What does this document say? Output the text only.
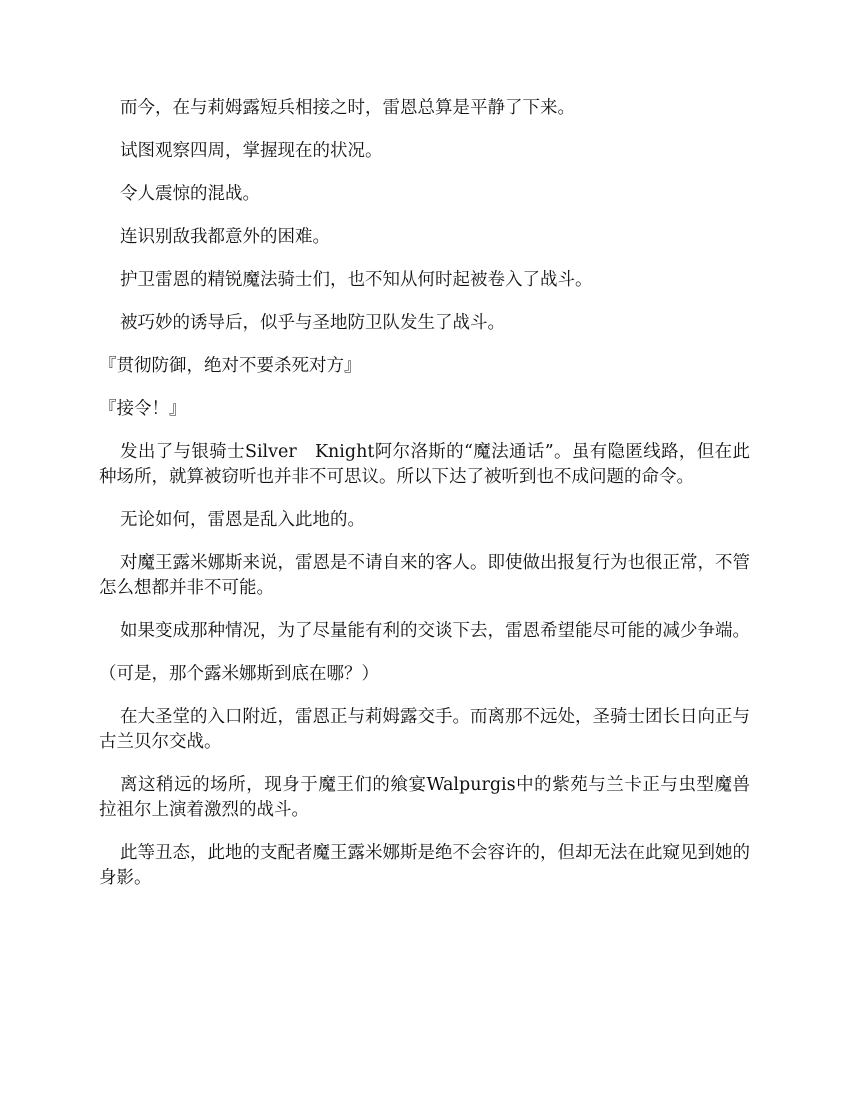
而今，在与莉姆露短兵相接之时，雷恩总算是平静了下来。

试图观察四周，掌握现在的状况。

令人震惊的混战。

连识别敌我都意外的困难。

护卫雷恩的精锐魔法骑士们，也不知从何时起被卷入了战斗。

被巧妙的诱导后，似乎与圣地防卫队发生了战斗。

『贯彻防御，绝对不要杀死对方』

『接令！』

发出了与银骑士Silver　Knight阿尔洛斯的“魔法通话”。虽有隐匿线路，但在此种场所，就算被窃听也并非不可思议。所以下达了被听到也不成问题的命令。

无论如何，雷恩是乱入此地的。

对魔王露米娜斯来说，雷恩是不请自来的客人。即使做出报复行为也很正常，不管怎么想都并非不可能。

如果变成那种情况，为了尽量能有利的交谈下去，雷恩希望能尽可能的减少争端。

（可是，那个露米娜斯到底在哪？）

在大圣堂的入口附近，雷恩正与莉姆露交手。而离那不远处，圣骑士团长日向正与古兰贝尔交战。

离这稍远的场所，现身于魔王们的飨宴Walpurgis中的紫苑与兰卡正与虫型魔兽拉祖尔上演着激烈的战斗。

此等丑态，此地的支配者魔王露米娜斯是绝不会容许的，但却无法在此窥见到她的身影。
